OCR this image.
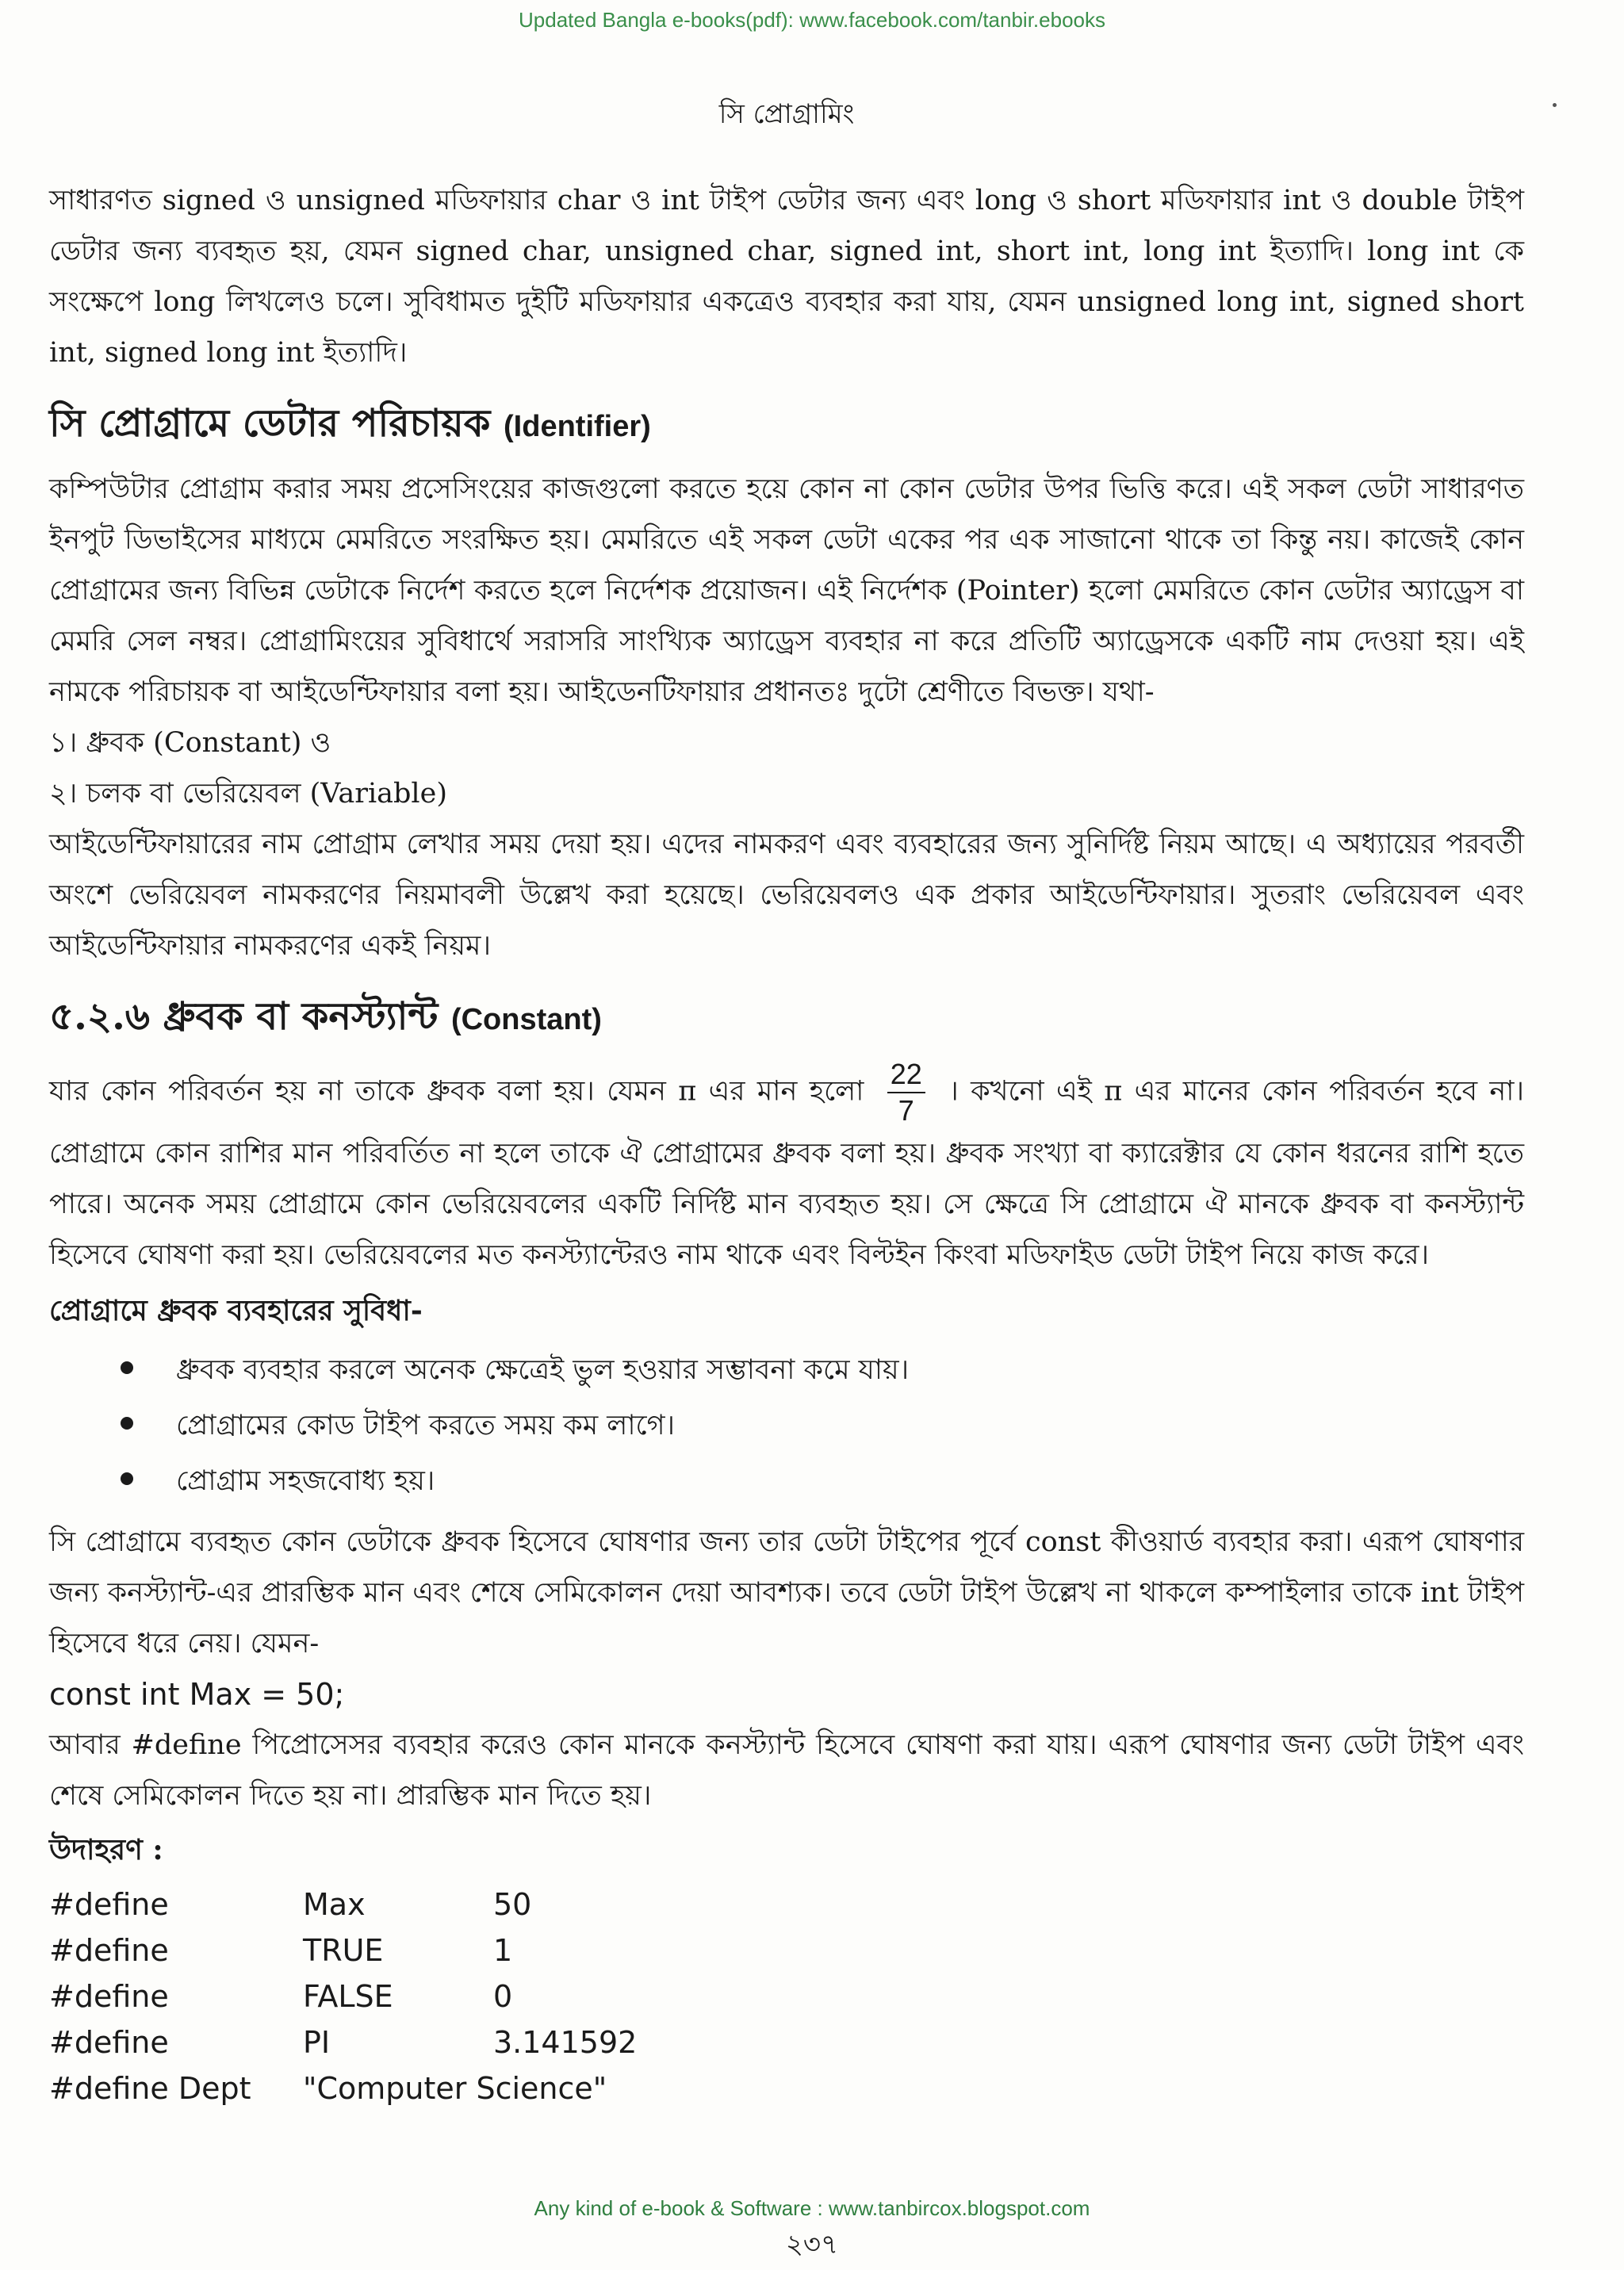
Updated Bangla e-books(pdf): www.facebook.com/tanbir.ebooks
সি প্রোগ্রামিং

সাধারণত signed ও unsigned মডিফায়ার char ও int টাইপ ডেটার জন্য এবং long ও short মডিফায়ার int ও double টাইপ ডেটার জন্য ব্যবহৃত হয়, যেমন signed char, unsigned char, signed int, short int, long int ইত্যাদি। long int কে সংক্ষেপে long লিখলেও চলে। সুবিধামত দুইটি মডিফায়ার একত্রেও ব্যবহার করা যায়, যেমন unsigned long int, signed short int, signed long int ইত্যাদি।

সি প্রোগ্রামে ডেটার পরিচায়ক (Identifier)

কম্পিউটার প্রোগ্রাম করার সময় প্রসেসিংয়ের কাজগুলো করতে হয়ে কোন না কোন ডেটার উপর ভিত্তি করে। এই সকল ডেটা সাধারণত ইনপুট ডিভাইসের মাধ্যমে মেমরিতে সংরক্ষিত হয়। মেমরিতে এই সকল ডেটা একের পর এক সাজানো থাকে তা কিন্তু নয়। কাজেই কোন প্রোগ্রামের জন্য বিভিন্ন ডেটাকে নির্দেশ করতে হলে নির্দেশক প্রয়োজন। এই নির্দেশক (Pointer) হলো মেমরিতে কোন ডেটার অ্যাড্রেস বা মেমরি সেল নম্বর। প্রোগ্রামিংয়ের সুবিধার্থে সরাসরি সাংখ্যিক অ্যাড্রেস ব্যবহার না করে প্রতিটি অ্যাড্রেসকে একটি নাম দেওয়া হয়। এই নামকে পরিচায়ক বা আইডেন্টিফায়ার বলা হয়। আইডেনটিফায়ার প্রধানতঃ দুটো শ্রেণীতে বিভক্ত। যথা-

১। ধ্রুবক (Constant) ও
২। চলক বা ভেরিয়েবল (Variable)

আইডেন্টিফায়ারের নাম প্রোগ্রাম লেখার সময় দেয়া হয়। এদের নামকরণ এবং ব্যবহারের জন্য সুনির্দিষ্ট নিয়ম আছে। এ অধ্যায়ের পরবর্তী অংশে ভেরিয়েবল নামকরণের নিয়মাবলী উল্লেখ করা হয়েছে। ভেরিয়েবলও এক প্রকার আইডেন্টিফায়ার। সুতরাং ভেরিয়েবল এবং আইডেন্টিফায়ার নামকরণের একই নিয়ম।

৫.২.৬ ধ্রুবক বা কনস্ট্যান্ট (Constant)

যার কোন পরিবর্তন হয় না তাকে ধ্রুবক বলা হয়। যেমন π এর মান হলো $\frac{22}{7}$ । কখনো এই π এর মানের কোন পরিবর্তন হবে না। প্রোগ্রামে কোন রাশির মান পরিবর্তিত না হলে তাকে ঐ প্রোগ্রামের ধ্রুবক বলা হয়। ধ্রুবক সংখ্যা বা ক্যারেক্টার যে কোন ধরনের রাশি হতে পারে। অনেক সময় প্রোগ্রামে কোন ভেরিয়েবলের একটি নির্দিষ্ট মান ব্যবহৃত হয়। সে ক্ষেত্রে সি প্রোগ্রামে ঐ মানকে ধ্রুবক বা কনস্ট্যান্ট হিসেবে ঘোষণা করা হয়। ভেরিয়েবলের মত কনস্ট্যান্টেরও নাম থাকে এবং বিল্টইন কিংবা মডিফাইড ডেটা টাইপ নিয়ে কাজ করে।

প্রোগ্রামে ধ্রুবক ব্যবহারের সুবিধা-
ধ্রুবক ব্যবহার করলে অনেক ক্ষেত্রেই ভুল হওয়ার সম্ভাবনা কমে যায়।
প্রোগ্রামের কোড টাইপ করতে সময় কম লাগে।
প্রোগ্রাম সহজবোধ্য হয়।

সি প্রোগ্রামে ব্যবহৃত কোন ডেটাকে ধ্রুবক হিসেবে ঘোষণার জন্য তার ডেটা টাইপের পূর্বে const কীওয়ার্ড ব্যবহার করা। এরূপ ঘোষণার জন্য কনস্ট্যান্ট-এর প্রারম্ভিক মান এবং শেষে সেমিকোলন দেয়া আবশ্যক। তবে ডেটা টাইপ উল্লেখ না থাকলে কম্পাইলার তাকে int টাইপ হিসেবে ধরে নেয়। যেমন-

const int Max = 50;

আবার #define পিপ্রোসেসর ব্যবহার করেও কোন মানকে কনস্ট্যান্ট হিসেবে ঘোষণা করা যায়। এরূপ ঘোষণার জন্য ডেটা টাইপ এবং শেষে সেমিকোলন দিতে হয় না। প্রারম্ভিক মান দিতে হয়।

উদাহরণ :
#define	Max	50
#define	TRUE	1
#define	FALSE	0
#define	PI	3.141592
#define Dept	"Computer Science"	
Any kind of e-book & Software : www.tanbircox.blogspot.com
২৩৭
